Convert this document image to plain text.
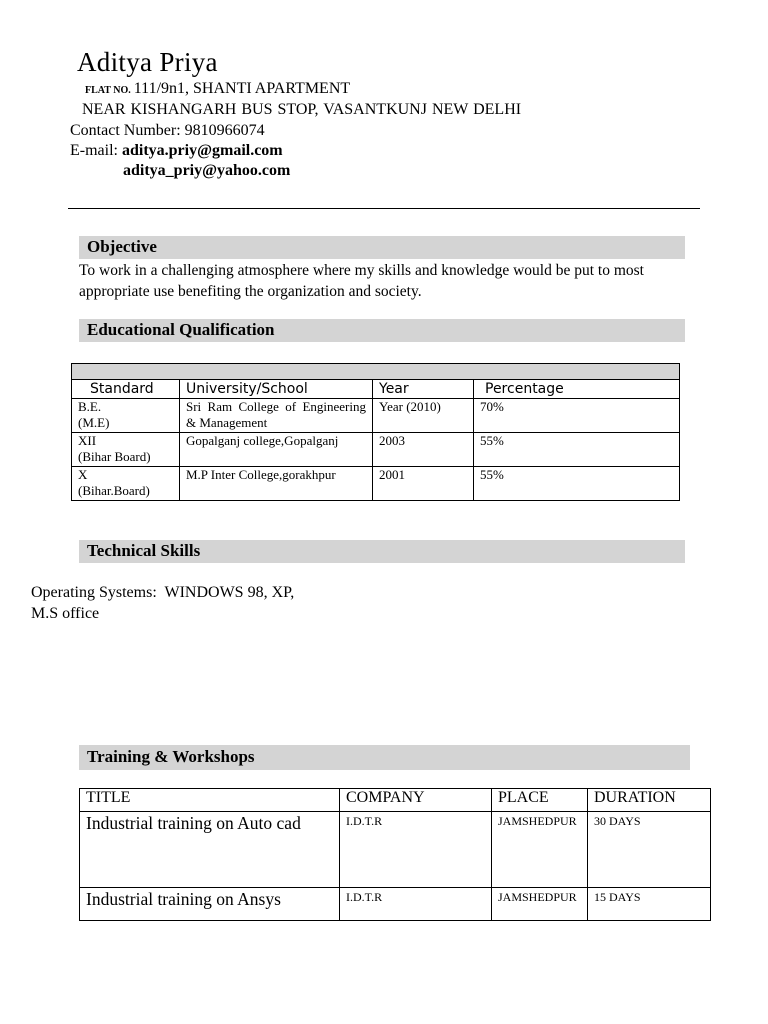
Aditya Priya
FLAT NO. 111/9n1, SHANTI APARTMENT
NEAR KISHANGARH BUS STOP, VASANTKUNJ NEW DELHI
Contact Number: 9810966074
E-mail: aditya.priy@gmail.com
aditya_priy@yahoo.com
Objective
To work in a challenging atmosphere where my skills and knowledge would be put to most appropriate use benefiting the organization and society.
Educational Qualification

Standard	University/School	Year	Percentage

B.E.
(M.E)	Sri Ram College of Engineering & Management	Year (2010)	70%

XII
(Bihar Board)	Gopalganj college,Gopalganj	2003	55%

X
(Bihar.Board)	M.P Inter College,gorakhpur	2001	55%
Technical Skills
Operating Systems: WINDOWS 98, XP,
M.S office
Training & Workshops
TITLE	COMPANY	PLACE	DURATION
Industrial training on Auto cad	I.D.T.R	JAMSHEDPUR	30 DAYS
Industrial training on Ansys	I.D.T.R	JAMSHEDPUR	15 DAYS
